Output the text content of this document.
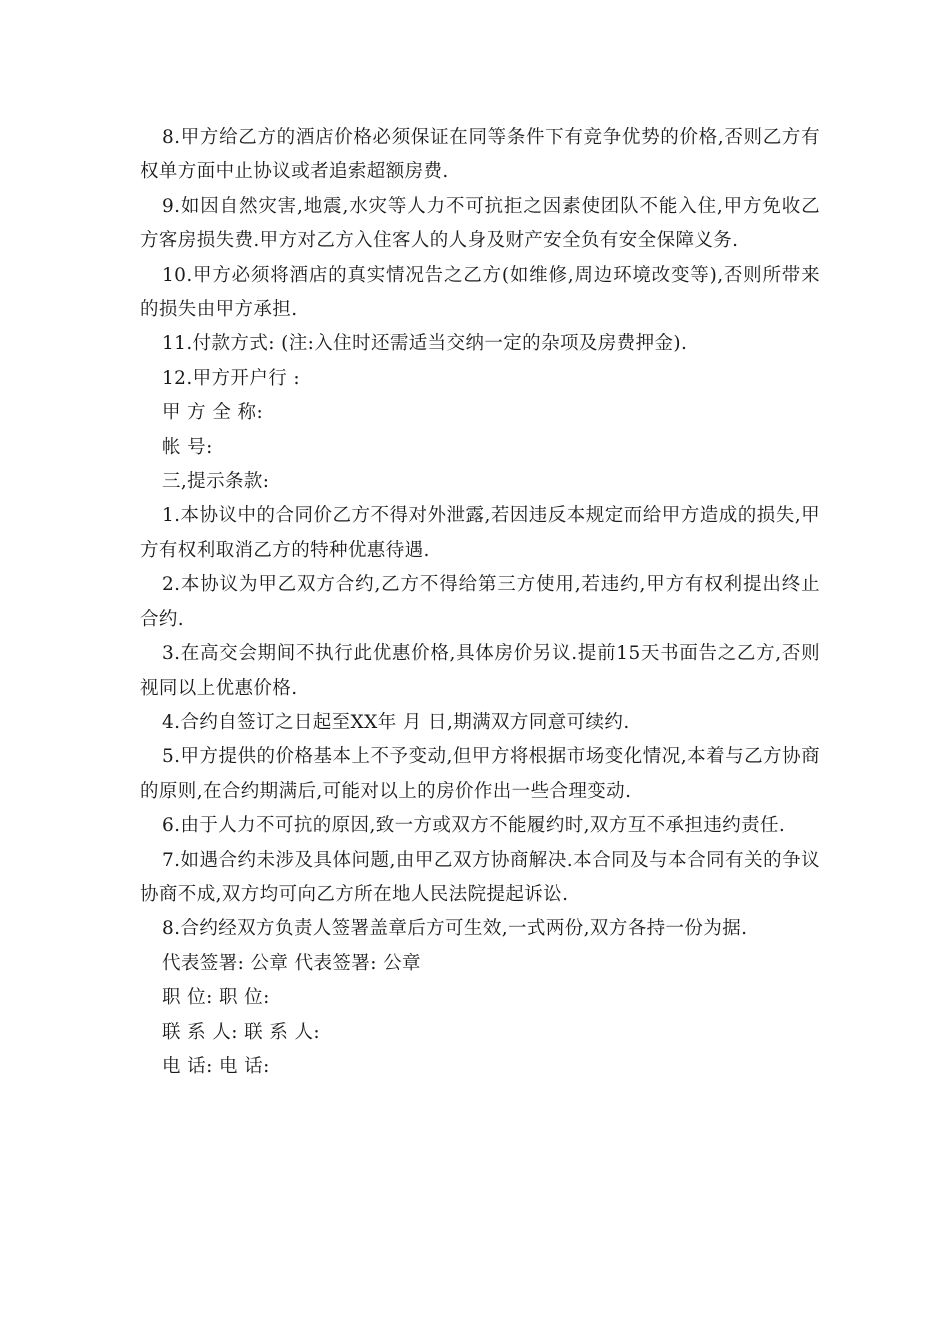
8.甲方给乙方的酒店价格必须保证在同等条件下有竞争优势的价格,否则乙方有权单方面中止协议或者追索超额房费.

9.如因自然灾害,地震,水灾等人力不可抗拒之因素使团队不能入住,甲方免收乙方客房损失费.甲方对乙方入住客人的人身及财产安全负有安全保障义务.

10.甲方必须将酒店的真实情况告之乙方(如维修,周边环境改变等),否则所带来的损失由甲方承担.

11.付款方式: (注:入住时还需适当交纳一定的杂项及房费押金).

12.甲方开户行 :

甲 方 全 称:

帐 号:

三,提示条款:

1.本协议中的合同价乙方不得对外泄露,若因违反本规定而给甲方造成的损失,甲方有权利取消乙方的特种优惠待遇.

2.本协议为甲乙双方合约,乙方不得给第三方使用,若违约,甲方有权利提出终止合约.

3.在高交会期间不执行此优惠价格,具体房价另议.提前15天书面告之乙方,否则视同以上优惠价格.

4.合约自签订之日起至XX年 月 日,期满双方同意可续约.

5.甲方提供的价格基本上不予变动,但甲方将根据市场变化情况,本着与乙方协商的原则,在合约期满后,可能对以上的房价作出一些合理变动.

6.由于人力不可抗的原因,致一方或双方不能履约时,双方互不承担违约责任.

7.如遇合约未涉及具体问题,由甲乙双方协商解决.本合同及与本合同有关的争议协商不成,双方均可向乙方所在地人民法院提起诉讼.

8.合约经双方负责人签署盖章后方可生效,一式两份,双方各持一份为据.

代表签署: 公章 代表签署: 公章

职 位: 职 位:

联 系 人: 联 系 人:

电 话: 电 话:
